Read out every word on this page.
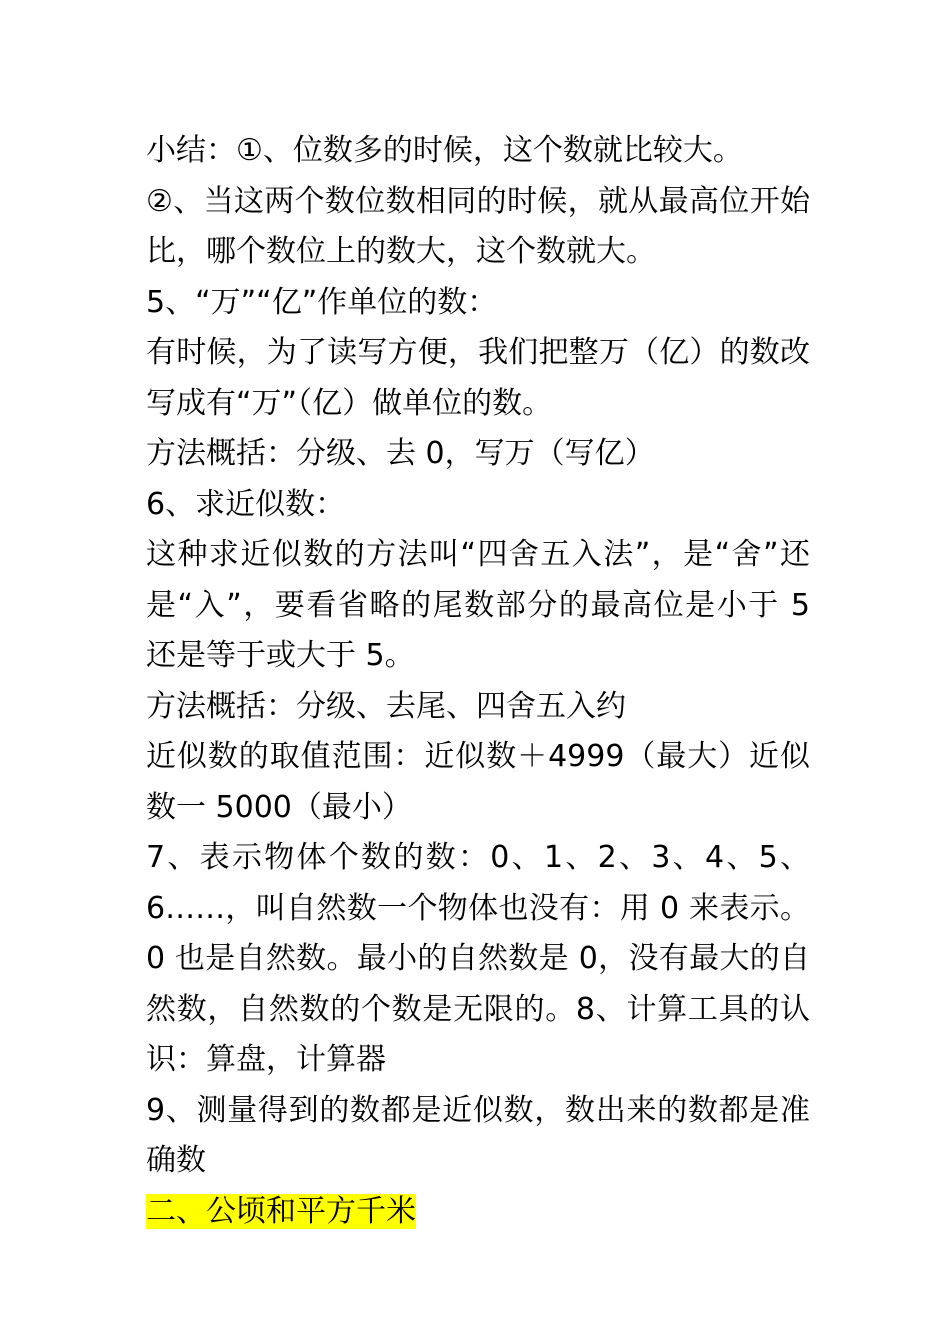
小结：①、位数多的时候，这个数就比较大。

②、当这两个数位数相同的时候，就从最高位开始比，哪个数位上的数大，这个数就大。

5、“万”“亿”作单位的数：

有时候，为了读写方便，我们把整万（亿）的数改写成有“万”（亿）做单位的数。

方法概括：分级、去 0，写万（写亿）

6、求近似数：

这种求近似数的方法叫“四舍五入法”，是“舍”还是“入”，要看省略的尾数部分的最高位是小于 5 还是等于或大于 5。

方法概括：分级、去尾、四舍五入约

近似数的取值范围：近似数＋4999（最大）近似数一 5000（最小）

7、表示物体个数的数：0、1、2、3、4、5、6……，叫自然数一个物体也没有：用 0 来表示。0 也是自然数。最小的自然数是 0，没有最大的自然数，自然数的个数是无限的。8、计算工具的认识：算盘，计算器

9、测量得到的数都是近似数，数出来的数都是准确数

二、公顷和平方千米
